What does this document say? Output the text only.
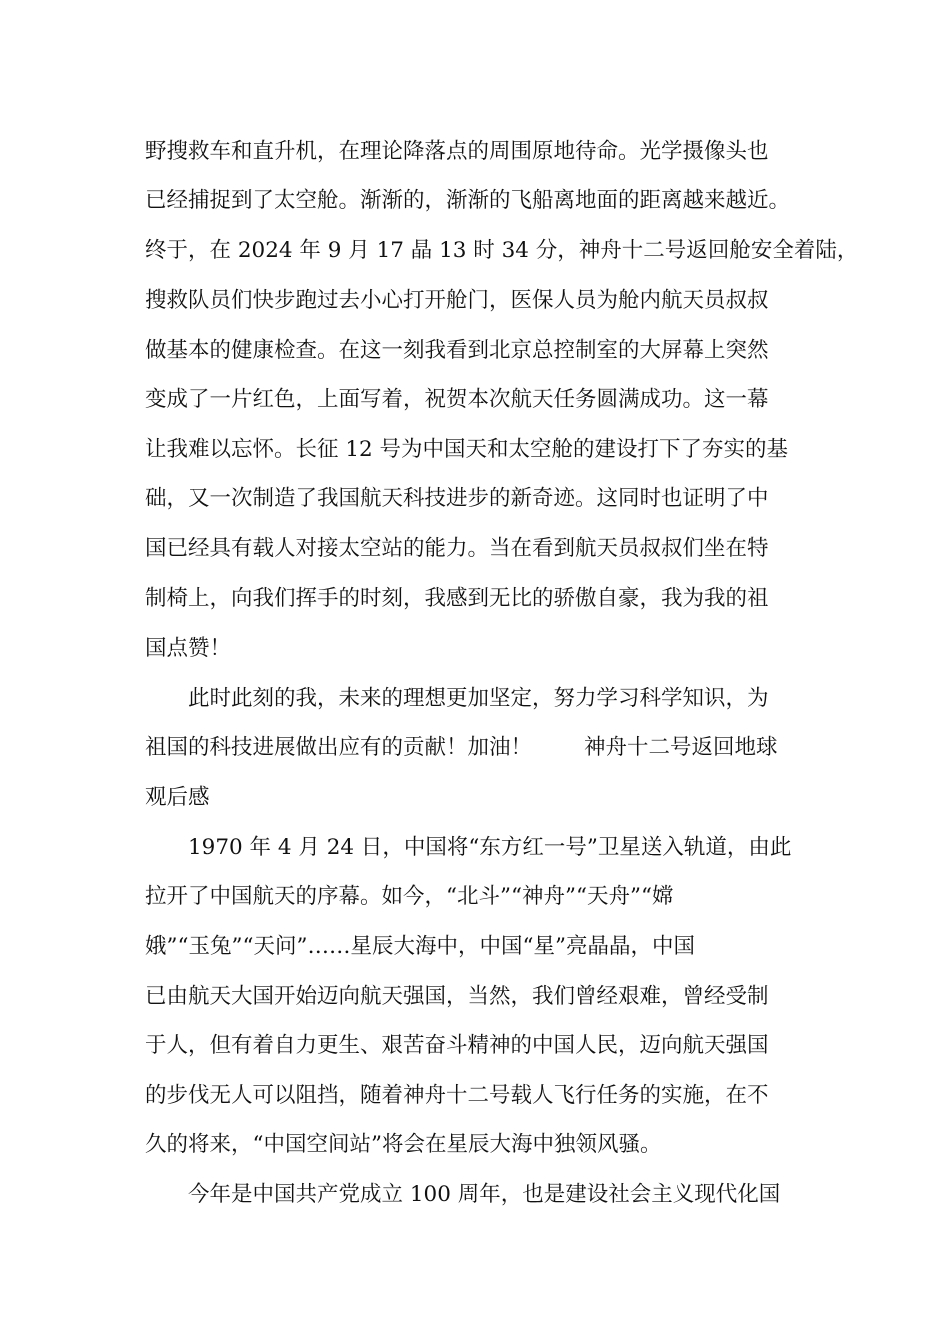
野搜救车和直升机，在理论降落点的周围原地待命。光学摄像头也
已经捕捉到了太空舱。渐渐的，渐渐的飞船离地面的距离越来越近。
终于，在 2024 年 9 月 17 晶 13 时 34 分，神舟十二号返回舱安全着陆，
搜救队员们快步跑过去小心打开舱门，医保人员为舱内航天员叔叔
做基本的健康检查。在这一刻我看到北京总控制室的大屏幕上突然
变成了一片红色，上面写着，祝贺本次航天任务圆满成功。这一幕
让我难以忘怀。长征 12 号为中国天和太空舱的建设打下了夯实的基
础，又一次制造了我国航天科技进步的新奇迹。这同时也证明了中
国已经具有载人对接太空站的能力。当在看到航天员叔叔们坐在特
制椅上，向我们挥手的时刻，我感到无比的骄傲自豪，我为我的祖
国点赞！
此时此刻的我，未来的理想更加坚定，努力学习科学知识，为
祖国的科技进展做出应有的贡献！加油！ 神舟十二号返回地球
观后感
1970 年 4 月 24 日，中国将“东方红一号”卫星送入轨道，由此
拉开了中国航天的序幕。如今，“北斗”“神舟”“天舟”“嫦
娥”“玉兔”“天问”……星辰大海中，中国“星”亮晶晶，中国
已由航天大国开始迈向航天强国，当然，我们曾经艰难，曾经受制
于人，但有着自力更生、艰苦奋斗精神的中国人民，迈向航天强国
的步伐无人可以阻挡，随着神舟十二号载人飞行任务的实施，在不
久的将来，“中国空间站”将会在星辰大海中独领风骚。
今年是中国共产党成立 100 周年，也是建设社会主义现代化国
